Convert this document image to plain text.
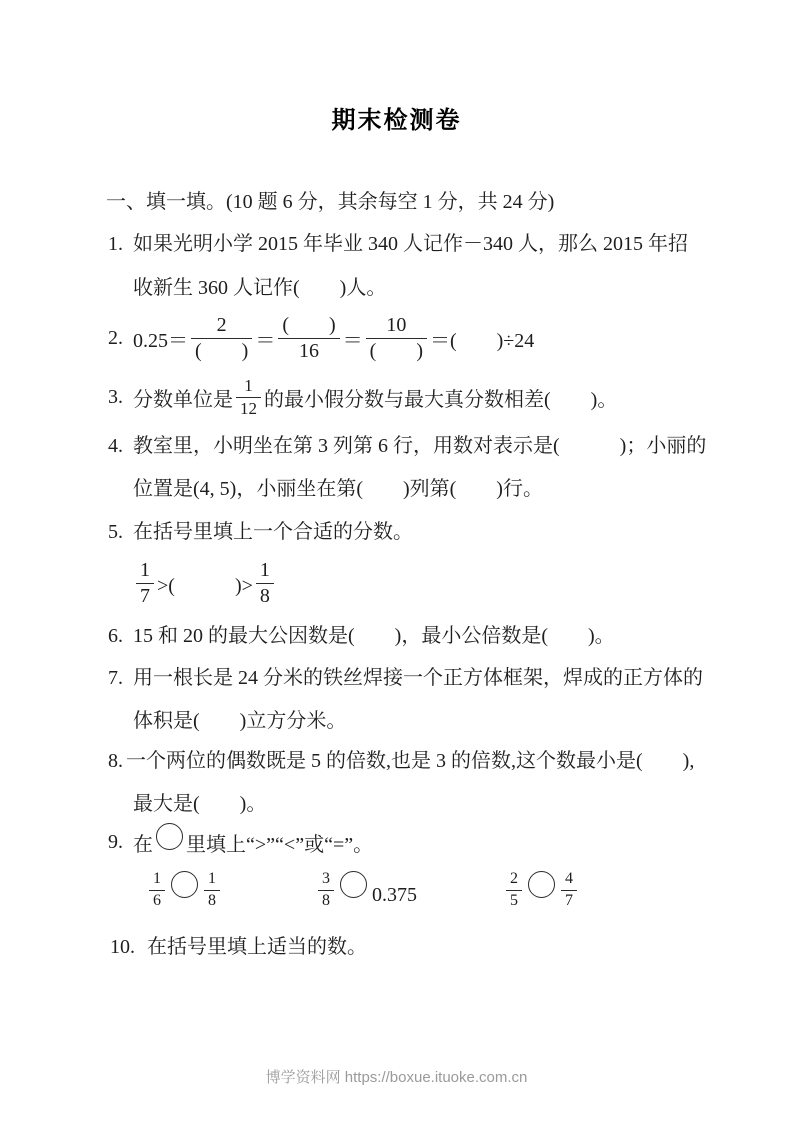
期末检测卷
一、填一填。(10 题 6 分，其余每空 1 分，共 24 分)
1. 如果光明小学 2015 年毕业 340 人记作－340 人，那么 2015 年招
收新生 360 人记作(　　)人。
2. $0.25= \frac{2}{( )} = \frac{( )}{16} = \frac{10}{( )}$ ＝(　　)÷24
3. 分数单位是 $\frac{1}{12}$ 的最小假分数与最大真分数相差(　　)。
4. 教室里，小明坐在第 3 列第 6 行，用数对表示是(　　　)；小丽的
位置是(4, 5)，小丽坐在第(　　)列第(　　)行。
5. 在括号里填上一个合适的分数。
$\frac{1}{7}$ >(　　　)> $\frac{1}{8}$
6. 15 和 20 的最大公因数是(　　)，最小公倍数是(　　)。
7. 用一根长是 24 分米的铁丝焊接一个正方体框架，焊成的正方体的
体积是(　　)立方分米。
8. 一个两位的偶数既是 5 的倍数,也是 3 的倍数,这个数最小是(　　),
最大是(　　)。
9. 在 里填上“>”“<”或“=”。
$\frac{1}{6} \frac{1}{8}$	$\frac{3}{8} 0.375$	$\frac{2}{5} \frac{4}{7}$
10. 在括号里填上适当的数。
博学资料网 https://boxue.ituoke.com.cn
